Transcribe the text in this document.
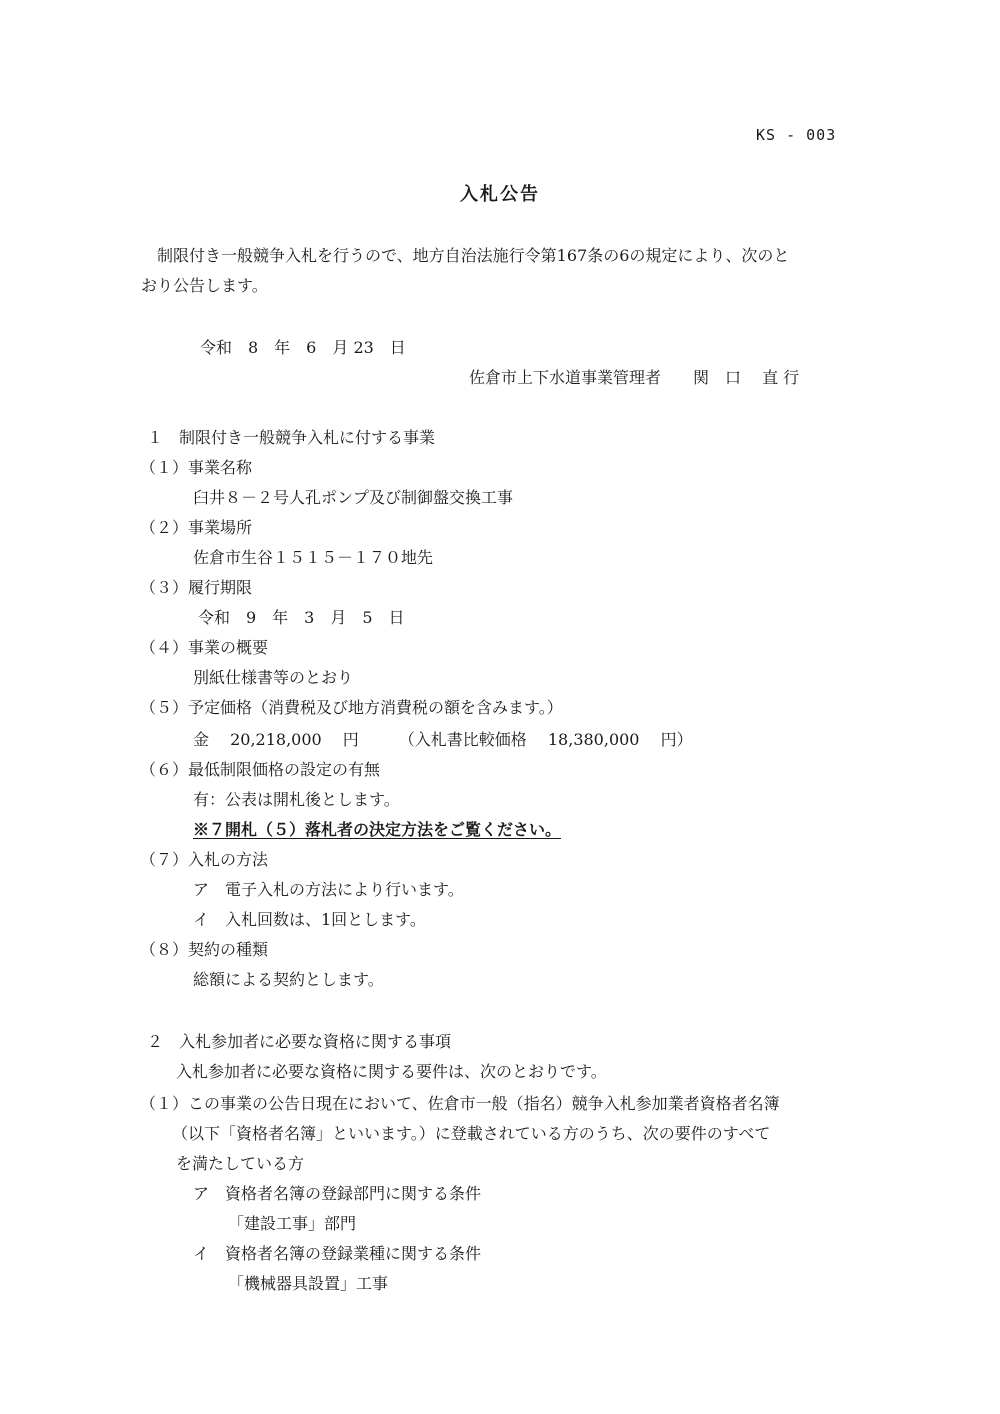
KS - 003
入札公告
　制限付き一般競争入札を行うので、地方自治法施行令第167条の6の規定により、次のと
おり公告します。
令和　8　年　6　月 23　日
佐倉市上下水道事業管理者　　関　口　 直 行
１　制限付き一般競争入札に付する事業
（１）事業名称
臼井８－２号人孔ポンプ及び制御盤交換工事
（２）事業場所
佐倉市生谷１５１５－１７０地先
（３）履行期限
令和　9　年　3　月　5　日
（４）事業の概要
別紙仕様書等のとおり
（５）予定価格（消費税及び地方消費税の額を含みます。）
金　 20,218,000　 円　　　（入札書比較価格　 18,380,000　 円）
（６）最低制限価格の設定の有無
有：公表は開札後とします。
※７開札（５）落札者の決定方法をご覧ください。
（７）入札の方法
ア　電子入札の方法により行います。
イ　入札回数は、1回とします。
（８）契約の種類
総額による契約とします。
２　入札参加者に必要な資格に関する事項
入札参加者に必要な資格に関する要件は、次のとおりです。
（１）この事業の公告日現在において、佐倉市一般（指名）競争入札参加業者資格者名簿
（以下「資格者名簿」といいます。）に登載されている方のうち、次の要件のすべて
を満たしている方
ア　資格者名簿の登録部門に関する条件
「建設工事」部門
イ　資格者名簿の登録業種に関する条件
「機械器具設置」工事
